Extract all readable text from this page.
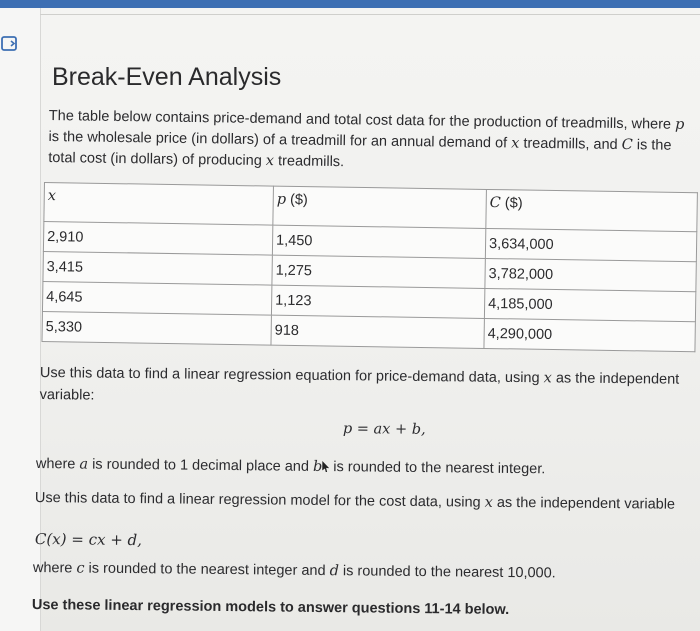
Break-Even Analysis
The table below contains price-demand and total cost data for the production of treadmills, where p
is the wholesale price (in dollars) of a treadmill for an annual demand of x treadmills, and C is the
total cost (in dollars) of producing x treadmills.
x	p ($)	C ($)
2,910	1,450	3,634,000
3,415	1,275	3,782,000
4,645	1,123	4,185,000
5,330	918	4,290,000
Use this data to find a linear regression equation for price-demand data, using x as the independent
variable:
p = ax + b,
where a is rounded to 1 decimal place and b is rounded to the nearest integer.
Use this data to find a linear regression model for the cost data, using x as the independent variable
C(x) = cx + d,
where c is rounded to the nearest integer and d is rounded to the nearest 10,000.
Use these linear regression models to answer questions 11-14 below.
